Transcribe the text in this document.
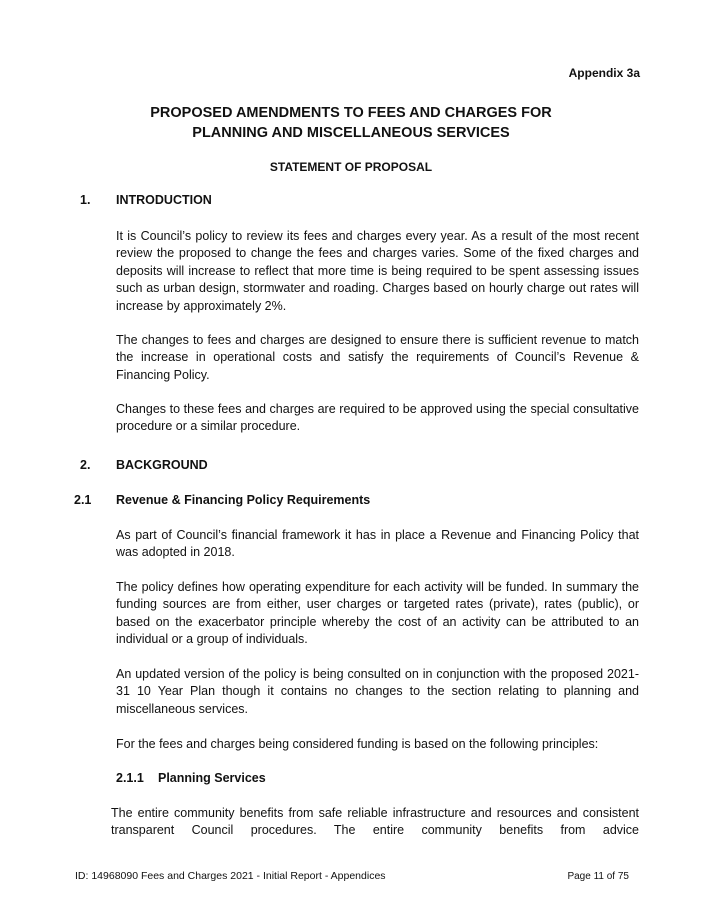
Appendix 3a
PROPOSED AMENDMENTS TO FEES AND CHARGES FOR
PLANNING AND MISCELLANEOUS SERVICES
STATEMENT OF PROPOSAL
1. INTRODUCTION
It is Council’s policy to review its fees and charges every year. As a result of the most recent review the proposed to change the fees and charges varies. Some of the fixed charges and deposits will increase to reflect that more time is being required to be spent assessing issues such as urban design, stormwater and roading. Charges based on hourly charge out rates will increase by approximately 2%.
The changes to fees and charges are designed to ensure there is sufficient revenue to match the increase in operational costs and satisfy the requirements of Council’s Revenue & Financing Policy.
Changes to these fees and charges are required to be approved using the special consultative procedure or a similar procedure.
2. BACKGROUND
2.1 Revenue & Financing Policy Requirements
As part of Council’s financial framework it has in place a Revenue and Financing Policy that was adopted in 2018.
The policy defines how operating expenditure for each activity will be funded. In summary the funding sources are from either, user charges or targeted rates (private), rates (public), or based on the exacerbator principle whereby the cost of an activity can be attributed to an individual or a group of individuals.
An updated version of the policy is being consulted on in conjunction with the proposed 2021-31 10 Year Plan though it contains no changes to the section relating to planning and miscellaneous services.
For the fees and charges being considered funding is based on the following principles:
2.1.1 Planning Services
The entire community benefits from safe reliable infrastructure and resources and consistent transparent Council procedures. The entire community benefits from advice
ID: 14968090 Fees and Charges 2021 - Initial Report - Appendices	Page 11 of 75
